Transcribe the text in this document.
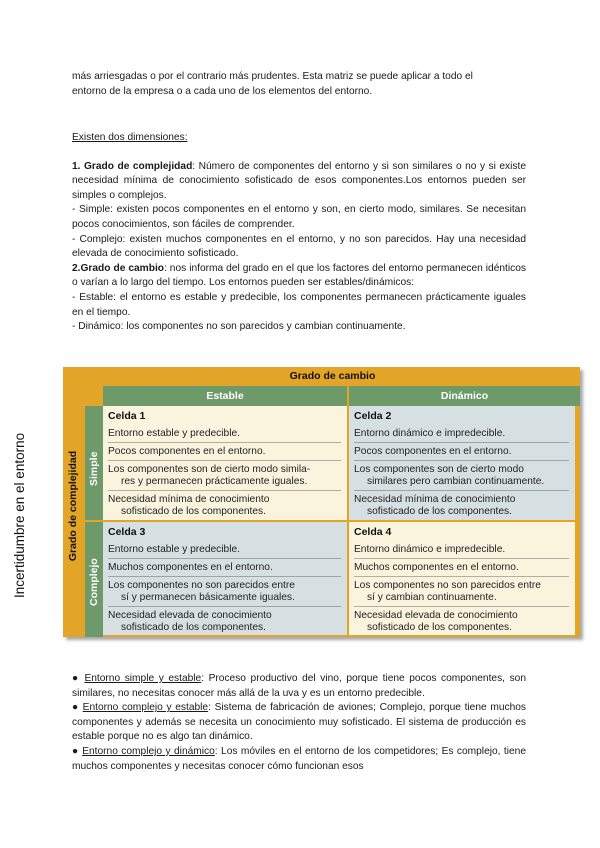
más arriesgadas o por el contrario más prudentes. Esta matriz se puede aplicar a todo el

entorno de la empresa o a cada uno de los elementos del entorno.

Existen dos dimensiones:

1. Grado de complejidad: Número de componentes del entorno y si son similares o no y si existe necesidad mínima de conocimiento sofisticado de esos componentes.Los entornos pueden ser simples o complejos.

- Simple: existen pocos componentes en el entorno y son, en cierto modo, similares. Se necesitan pocos conocimientos, son fáciles de comprender.

- Complejo: existen muchos componentes en el entorno, y no son parecidos. Hay una necesidad elevada de conocimiento sofisticado.

2.Grado de cambio: nos informa del grado en el que los factores del entorno permanecen idénticos o varían a lo largo del tiempo. Los entornos pueden ser estables/dinámicos:

- Estable: el entorno es estable y predecible, los componentes permanecen prácticamente iguales en el tiempo.

- Dinámico: los componentes no son parecidos y cambian continuamente.

Incertidumbre en el entorno
Grado de cambio
Grado de complejidad
Estable	Dinámico
Simple
Complejo
Celda 1
Entorno estable y predecible.
Pocos componentes en el entorno.
Los componentes son de cierto modo simila-
res y permanecen prácticamente iguales.
Necesidad mínima de conocimiento
sofisticado de los componentes.
Celda 2
Entorno dinámico e impredecible.
Pocos componentes en el entorno.
Los componentes son de cierto modo
similares pero cambian continuamente.
Necesidad mínima de conocimiento
sofisticado de los componentes.
Celda 3
Entorno estable y predecible.
Muchos componentes en el entorno.
Los componentes no son parecidos entre
sí y permanecen básicamente iguales.
Necesidad elevada de conocimiento
sofisticado de los componentes.
Celda 4
Entorno dinámico e impredecible.
Muchos componentes en el entorno.
Los componentes no son parecidos entre
sí y cambian continuamente.
Necesidad elevada de conocimiento
sofisticado de los componentes.

● Entorno simple y estable: Proceso productivo del vino, porque tiene pocos componentes, son similares, no necesitas conocer más allá de la uva y es un entorno predecible.

● Entorno complejo y estable: Sistema de fabricación de aviones; Complejo, porque tiene muchos componentes y además se necesita un conocimiento muy sofisticado. El sistema de producción es estable porque no es algo tan dinámico.

● Entorno complejo y dinámico: Los móviles en el entorno de los competidores; Es complejo, tiene muchos componentes y necesitas conocer cómo funcionan esos
